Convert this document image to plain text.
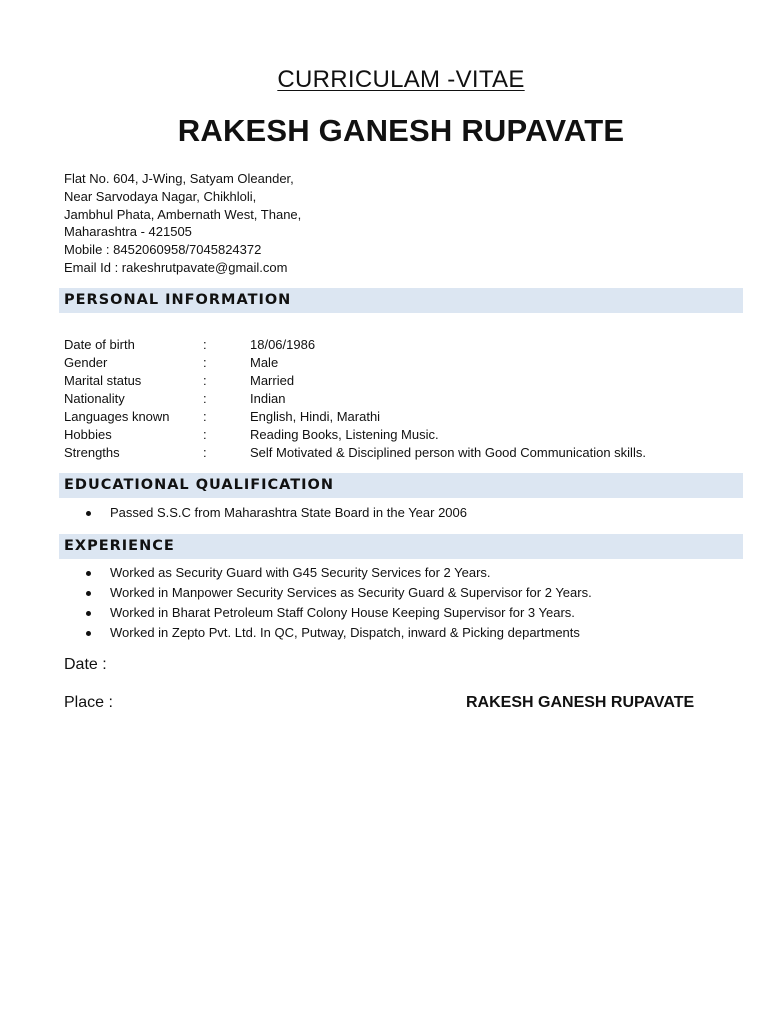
CURRICULAM -VITAE
RAKESH GANESH RUPAVATE
Flat No. 604, J-Wing, Satyam Oleander,
Near Sarvodaya Nagar, Chikhloli,
Jambhul Phata, Ambernath West, Thane,
Maharashtra - 421505
Mobile : 8452060958/7045824372
Email Id : rakeshrutpavate@gmail.com
PERSONAL INFORMATION
Date of birth	:	18/06/1986
Gender	:	Male
Marital status	:	Married
Nationality	:	Indian
Languages known	:	English, Hindi, Marathi
Hobbies	:	Reading Books, Listening Music.
Strengths	:	Self Motivated & Disciplined person with Good Communication skills.
EDUCATIONAL QUALIFICATION
Passed S.S.C from Maharashtra State Board in the Year 2006
EXPERIENCE
Worked as Security Guard with G45 Security Services for 2 Years.
Worked in Manpower Security Services as Security Guard & Supervisor for 2 Years.
Worked in Bharat Petroleum Staff Colony House Keeping Supervisor for 3 Years.
Worked in Zepto Pvt. Ltd. In QC, Putway, Dispatch, inward & Picking departments
Date :
Place :	RAKESH GANESH RUPAVATE
